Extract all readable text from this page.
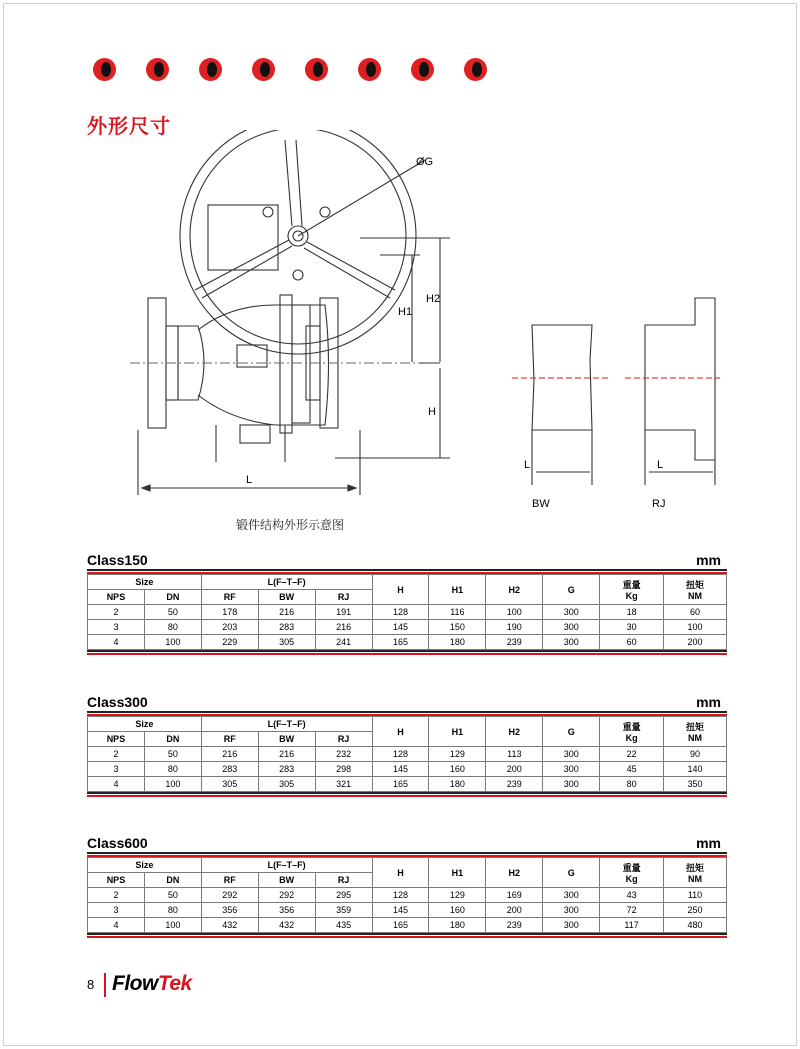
外形尺寸
ØG
H1
H2
H
L
L	L
BW	RJ
锻件结构外形示意图
Class150	mm
Size		L(F–T–F)			H	H1	H2	G	重量
Kg	扭矩
NM
NPS	DN	RF	BW	RJ						
2	50	178	216	191	128	116	100	300	18	60
3	80	203	283	216	145	150	190	300	30	100
4	100	229	305	241	165	180	239	300	60	200
Class300	mm
Size		L(F–T–F)			H	H1	H2	G	重量
Kg	扭矩
NM
NPS	DN	RF	BW	RJ						
2	50	216	216	232	128	129	113	300	22	90
3	80	283	283	298	145	160	200	300	45	140
4	100	305	305	321	165	180	239	300	80	350
Class600	mm
Size		L(F–T–F)			H	H1	H2	G	重量
Kg	扭矩
NM
NPS	DN	RF	BW	RJ						
2	50	292	292	295	128	129	169	300	43	110
3	80	356	356	359	145	160	200	300	72	250
4	100	432	432	435	165	180	239	300	117	480
8 FlowTek
